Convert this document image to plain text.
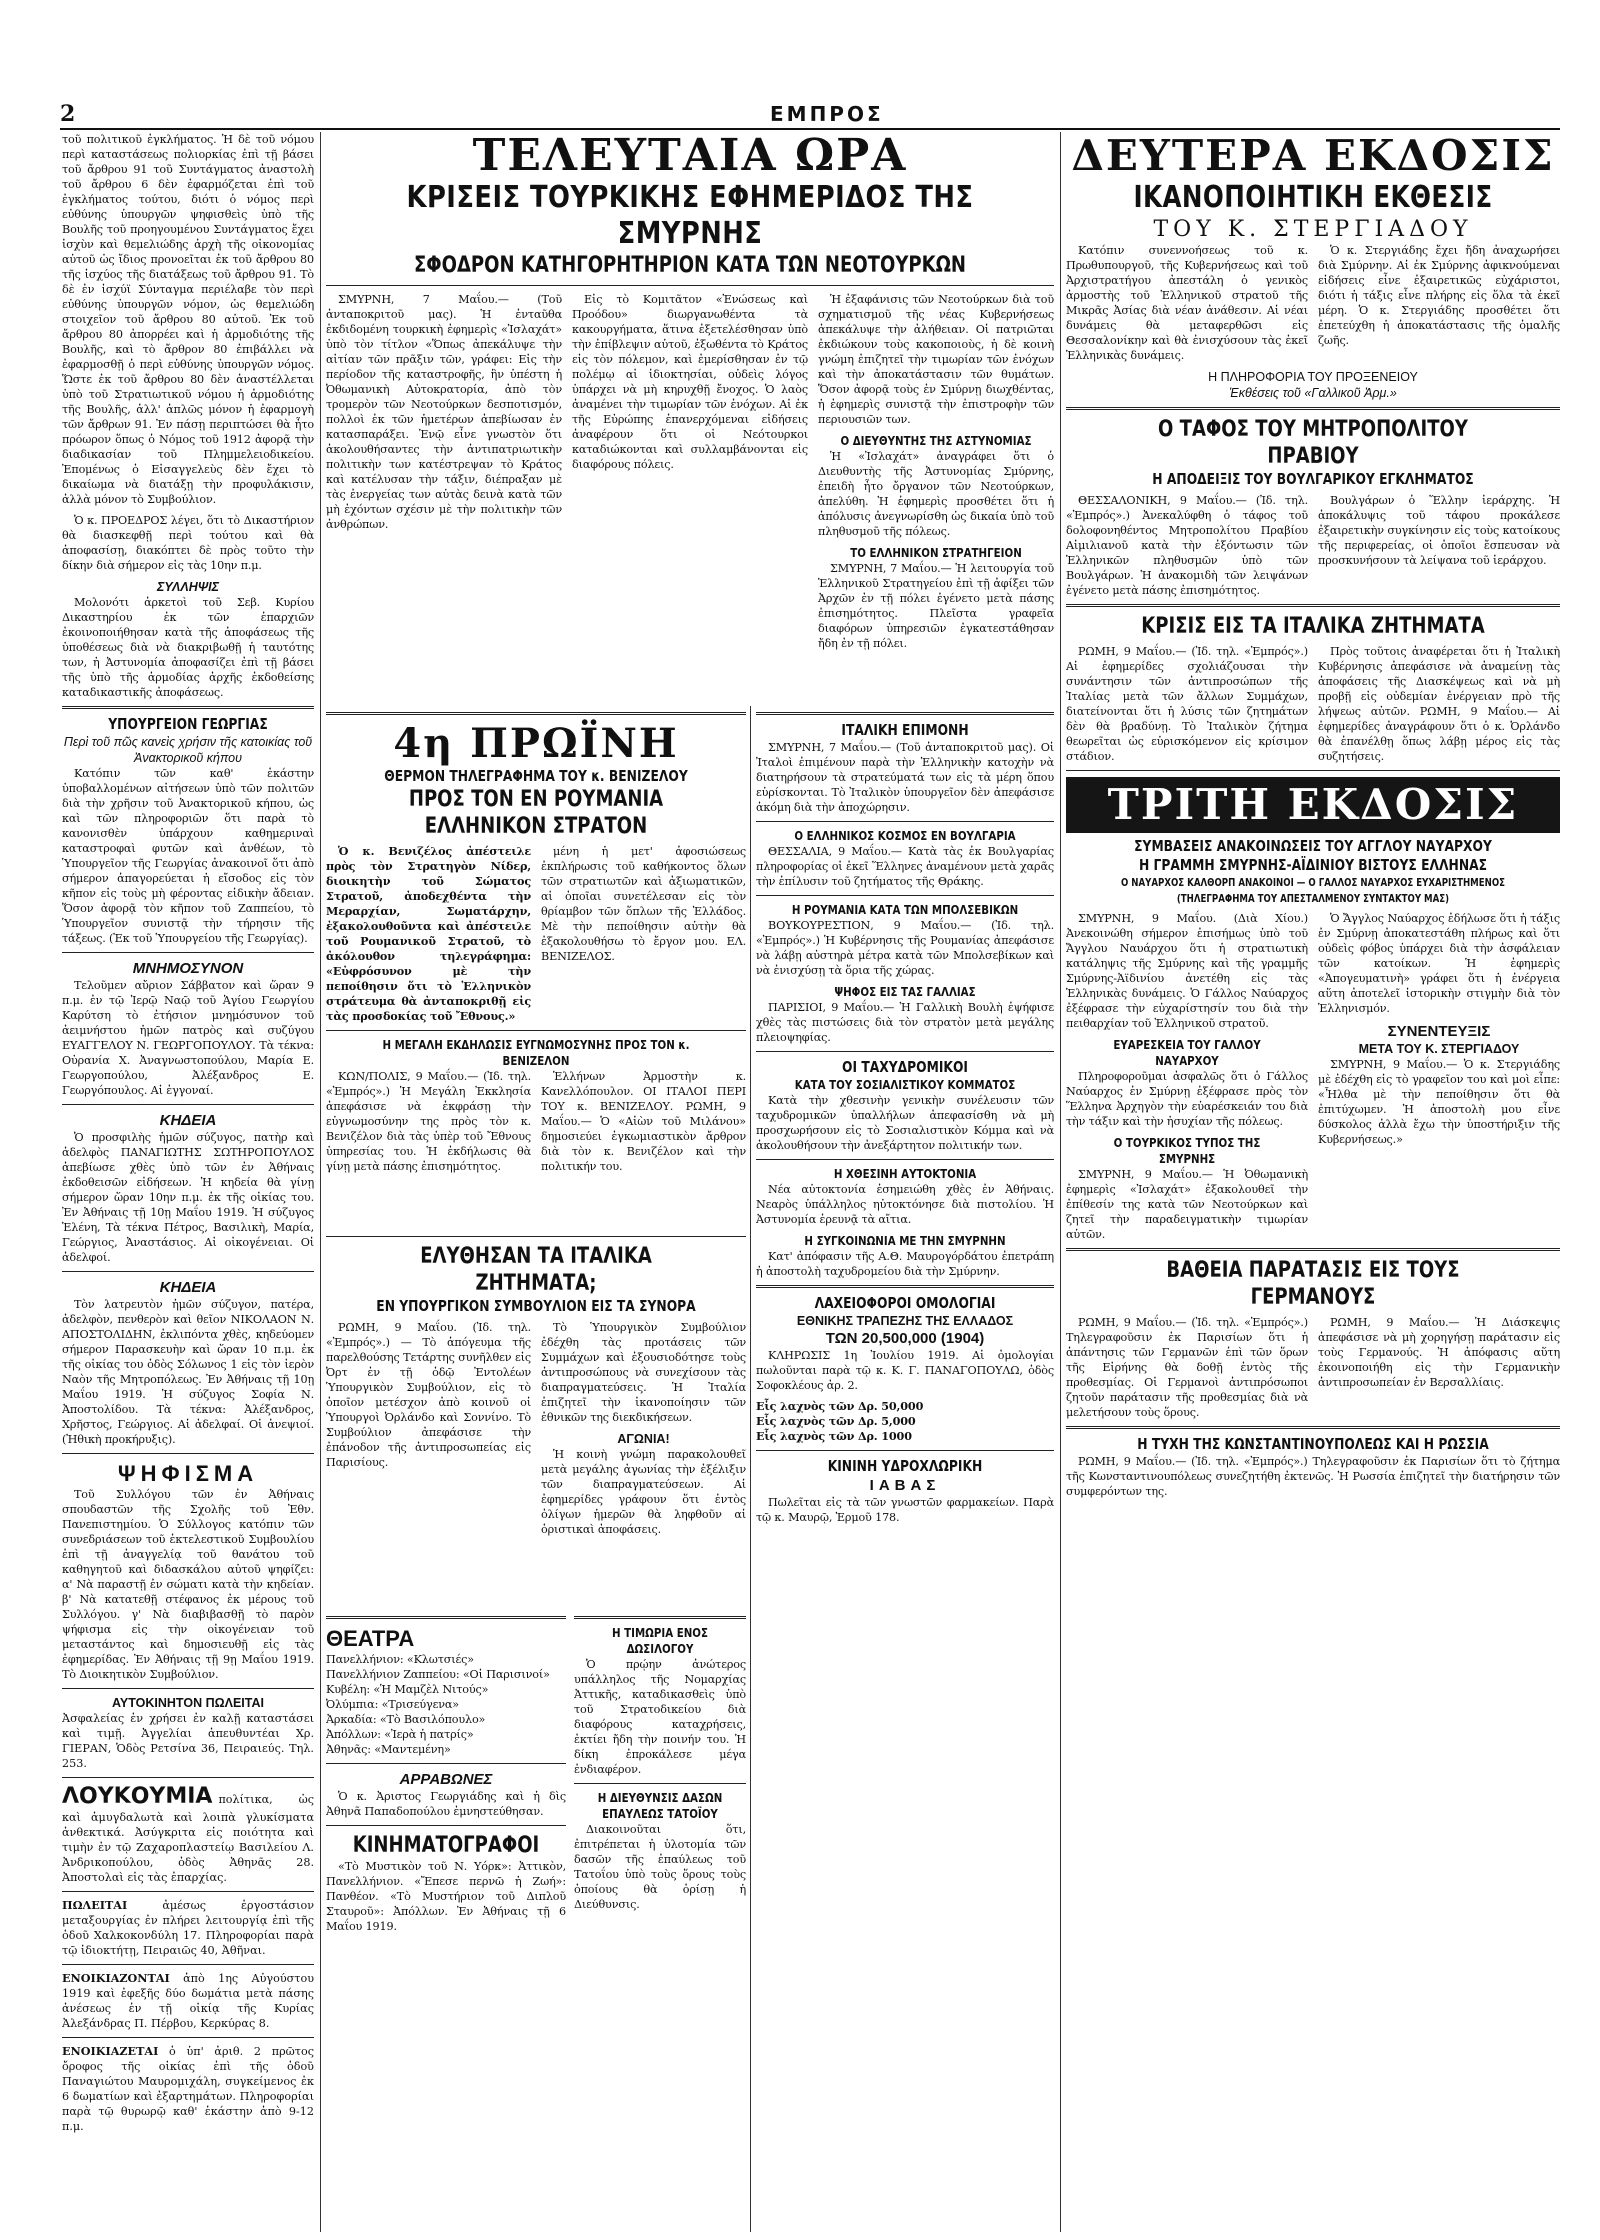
2	ΕΜΠΡΟΣ
τοῦ πολιτικοῦ ἐγκλήματος. Ἡ δὲ τοῦ νόμου περὶ καταστάσεως πολιορκίας ἐπὶ τῇ βάσει τοῦ ἄρθρου 91 τοῦ Συντάγματος ἀναστολὴ τοῦ ἄρθρου 6 δὲν ἐφαρμόζεται ἐπὶ τοῦ ἐγκλήματος τούτου, διότι ὁ νόμος περὶ εὐθύνης ὑπουργῶν ψηφισθεὶς ὑπὸ τῆς Βουλῆς τοῦ προηγουμένου Συντάγματος ἔχει ἰσχὺν καὶ θεμελιώδης ἀρχὴ τῆς οἰκονομίας αὐτοῦ ὡς ἴδιος προνοεῖται ἐκ τοῦ ἄρθρου 80 τῆς ἰσχύος τῆς διατάξεως τοῦ ἄρθρου 91. Τὸ δὲ ἐν ἰσχύϊ Σύνταγμα περιέλαβε τὸν περὶ εὐθύνης ὑπουργῶν νόμον, ὡς θεμελιώδη στοιχεῖον τοῦ ἄρθρου 80 αὐτοῦ. Ἐκ τοῦ ἄρθρου 80 ἀπορρέει καὶ ἡ ἀρμοδιότης τῆς Βουλῆς, καὶ τὸ ἄρθρον 80 ἐπιβάλλει νὰ ἐφαρμοσθῇ ὁ περὶ εὐθύνης ὑπουργῶν νόμος. Ὥστε ἐκ τοῦ ἄρθρου 80 δὲν ἀναστέλλεται ὑπὸ τοῦ Στρατιωτικοῦ νόμου ἡ ἀρμοδιότης τῆς Βουλῆς, ἀλλ' ἁπλῶς μόνον ἡ ἐφαρμογὴ τῶν ἄρθρων 91. Ἐν πάσῃ περιπτώσει θὰ ἦτο πρόωρον ὅπως ὁ Νόμος τοῦ 1912 ἀφορᾷ τὴν διαδικασίαν τοῦ Πλημμελειοδικείου. Ἐπομένως ὁ Εἰσαγγελεὺς δὲν ἔχει τὸ δικαίωμα νὰ διατάξῃ τὴν προφυλάκισιν, ἀλλὰ μόνον τὸ Συμβούλιον.
Ὁ κ. ΠΡΟΕΔΡΟΣ λέγει, ὅτι τὸ Δικαστήριον θὰ διασκεφθῇ περὶ τούτου καὶ θὰ ἀποφασίσῃ, διακόπτει δὲ πρὸς τοῦτο τὴν δίκην διὰ σήμερον εἰς τὰς 10ην π.μ.
ΣΥΛΛΗΨΙΣ
Μολονότι ἀρκετοὶ τοῦ Σεβ. Κυρίου Δικαστηρίου ἐκ τῶν ἐπαρχιῶν ἐκοινοποιήθησαν κατὰ τῆς ἀποφάσεως τῆς ὑποθέσεως διὰ νὰ διακριβωθῇ ἡ ταυτότης των, ἡ Ἀστυνομία ἀποφασίζει ἐπὶ τῇ βάσει τῆς ὑπὸ τῆς ἀρμοδίας ἀρχῆς ἐκδοθείσης καταδικαστικῆς ἀποφάσεως.
ΥΠΟΥΡΓΕΙΟΝ ΓΕΩΡΓΙΑΣ
Περὶ τοῦ πῶς κανεὶς χρήσιν τῆς κατοικίας τοῦ Ἀνακτορικοῦ κήπου
Κατόπιν τῶν καθ' ἑκάστην ὑποβαλλομένων αἰτήσεων ὑπὸ τῶν πολιτῶν διὰ τὴν χρῆσιν τοῦ Ἀνακτορικοῦ κήπου, ὡς καὶ τῶν πληροφοριῶν ὅτι παρὰ τὸ κανονισθὲν ὑπάρχουν καθημεριναὶ καταστροφαὶ φυτῶν καὶ ἀνθέων, τὸ Ὑπουργεῖον τῆς Γεωργίας ἀνακοινοῖ ὅτι ἀπὸ σήμερον ἀπαγορεύεται ἡ εἴσοδος εἰς τὸν κῆπον εἰς τοὺς μὴ φέροντας εἰδικὴν ἄδειαν. Ὅσον ἀφορᾷ τὸν κῆπον τοῦ Ζαππείου, τὸ Ὑπουργεῖον συνιστᾷ τὴν τήρησιν τῆς τάξεως. (Ἐκ τοῦ Ὑπουργείου τῆς Γεωργίας).
ΜΝΗΜΟΣΥΝΟΝ
Τελοῦμεν αὔριον Σάββατον καὶ ὥραν 9 π.μ. ἐν τῷ Ἱερῷ Ναῷ τοῦ Ἁγίου Γεωργίου Καρύτση τὸ ἐτήσιον μνημόσυνον τοῦ ἀειμνήστου ἡμῶν πατρὸς καὶ συζύγου ΕΥΑΓΓΕΛΟΥ Ν. ΓΕΩΡΓΟΠΟΥΛΟΥ. Τὰ τέκνα: Οὐρανία Χ. Ἀναγνωστοπούλου, Μαρία Ε. Γεωργοπούλου, Ἀλέξανδρος Ε. Γεωργόπουλος. Αἱ ἐγγοναί.
ΚΗΔΕΙΑ
Ὁ προσφιλὴς ἡμῶν σύζυγος, πατὴρ καὶ ἀδελφὸς ΠΑΝΑΓΙΩΤΗΣ ΣΩΤΗΡΟΠΟΥΛΟΣ ἀπεβίωσε χθὲς ὑπὸ τῶν ἐν Ἀθήναις ἐκδοθεισῶν εἰδήσεων. Ἡ κηδεία θὰ γίνῃ σήμερον ὥραν 10ην π.μ. ἐκ τῆς οἰκίας του. Ἐν Ἀθήναις τῇ 10ῃ Μαΐου 1919. Ἡ σύζυγος Ἑλένη, Τὰ τέκνα Πέτρος, Βασιλικὴ, Μαρία, Γεώργιος, Ἀναστάσιος. Αἱ οἰκογένειαι. Οἱ ἀδελφοί.
ΚΗΔΕΙΑ
Τὸν λατρευτὸν ἡμῶν σύζυγον, πατέρα, ἀδελφὸν, πενθερὸν καὶ θεῖον ΝΙΚΟΛΑΟΝ Ν. ΑΠΟΣΤΟΛΙΔΗΝ, ἐκλιπόντα χθὲς, κηδεύομεν σήμερον Παρασκευὴν καὶ ὥραν 10 π.μ. ἐκ τῆς οἰκίας του ὁδὸς Σόλωνος 1 εἰς τὸν ἱερὸν Ναὸν τῆς Μητροπόλεως. Ἐν Ἀθήναις τῇ 10ῃ Μαΐου 1919. Ἡ σύζυγος Σοφία Ν. Ἀποστολίδου. Τὰ τέκνα: Ἀλέξανδρος, Χρῆστος, Γεώργιος. Αἱ ἀδελφαί. Οἱ ἀνεψιοί. (Ἠθικὴ προκήρυξις).
ΨΗΦΙΣΜΑ
Τοῦ Συλλόγου τῶν ἐν Ἀθήναις σπουδαστῶν τῆς Σχολῆς τοῦ Ἐθν. Πανεπιστημίου. Ὁ Σύλλογος κατόπιν τῶν συνεδριάσεων τοῦ ἐκτελεστικοῦ Συμβουλίου ἐπὶ τῇ ἀναγγελίᾳ τοῦ θανάτου τοῦ καθηγητοῦ καὶ διδασκάλου αὐτοῦ ψηφίζει: α' Νὰ παραστῇ ἐν σώματι κατὰ τὴν κηδείαν. β' Νὰ κατατεθῇ στέφανος ἐκ μέρους τοῦ Συλλόγου. γ' Νὰ διαβιβασθῇ τὸ παρὸν ψήφισμα εἰς τὴν οἰκογένειαν τοῦ μεταστάντος καὶ δημοσιευθῇ εἰς τὰς ἐφημερίδας. Ἐν Ἀθήναις τῇ 9ῃ Μαΐου 1919. Τὸ Διοικητικὸν Συμβούλιον.
ΑΥΤΟΚΙΝΗΤΟΝ ΠΩΛΕΙΤΑΙ
Ἀσφαλείας ἐν χρήσει ἐν καλῇ καταστάσει καὶ τιμῇ. Ἀγγελίαι ἀπευθυντέαι Χρ. ΓΙΕΡΑΝ, Ὁδὸς Ρετσίνα 36, Πειραιεύς. Τηλ. 253.
ΛΟΥΚΟΥΜΙΑ πολίτικα, ὡς καὶ ἀμυγδαλωτὰ καὶ λοιπὰ γλυκίσματα ἀνθεκτικά. Ἀσύγκριτα εἰς ποιότητα καὶ τιμὴν ἐν τῷ Ζαχαροπλαστείῳ Βασιλείου Λ. Ἀνδρικοπούλου, ὁδὸς Ἀθηνᾶς 28. Ἀποστολαὶ εἰς τὰς ἐπαρχίας.
ΠΩΛΕΙΤΑΙ	ἀμέσως ἐργοστάσιον μεταξουργίας ἐν πλήρει λειτουργίᾳ ἐπὶ τῆς ὁδοῦ Χαλκοκονδύλη 17. Πληροφορίαι παρὰ τῷ ἰδιοκτήτῃ, Πειραιῶς 40, Ἀθῆναι.
ΕΝΟΙΚΙΑΖΟΝΤΑΙ ἀπὸ 1ης Αὐγούστου 1919 καὶ ἐφεξῆς δύο δωμάτια μετὰ πάσης ἀνέσεως ἐν τῇ οἰκίᾳ τῆς Κυρίας Ἀλεξάνδρας Π. Πέρβου, Κερκύρας 8.
ΕΝΟΙΚΙΑΖΕΤΑΙ ὁ ὑπ' ἀριθ. 2 πρῶτος ὄροφος τῆς οἰκίας ἐπὶ τῆς ὁδοῦ Παναγιώτου Μαυρομιχάλη, συγκείμενος ἐκ 6 δωματίων καὶ ἐξαρτημάτων. Πληροφορίαι παρὰ τῷ θυρωρῷ καθ' ἑκάστην ἀπὸ 9-12 π.μ.
ΤΕΛΕΥΤΑΙΑ ΩΡΑ
ΚΡΙΣΕΙΣ ΤΟΥΡΚΙΚΗΣ ΕΦΗΜΕΡΙΔΟΣ ΤΗΣ ΣΜΥΡΝΗΣ
ΣΦΟΔΡΟΝ ΚΑΤΗΓΟΡΗΤΗΡΙΟΝ ΚΑΤΑ ΤΩΝ ΝΕΟΤΟΥΡΚΩΝ
ΣΜΥΡΝΗ, 7 Μαΐου.— (Τοῦ ἀνταποκριτοῦ μας). Ἡ ἐνταῦθα ἐκδιδομένη τουρκικὴ ἐφημερὶς «Ἰσλαχάτ» ὑπὸ τὸν τίτλον «Ὅπως ἀπεκάλυψε τὴν αἰτίαν τῶν πρᾶξιν τῶν, γράφει: Εἰς τὴν περίοδον τῆς καταστροφῆς, ἣν ὑπέστη ἡ Ὀθωμανικὴ Αὐτοκρατορία, ἀπὸ τὸν τρομερὸν τῶν Νεοτούρκων δεσποτισμόν, πολλοὶ ἐκ τῶν ἡμετέρων ἀπεβίωσαν ἐν κατασπαράξει. Ἐνῷ εἶνε γνωστὸν ὅτι ἀκολουθήσαντες τὴν ἀντιπατριωτικὴν πολιτικὴν των κατέστρεψαν τὸ Κράτος καὶ κατέλυσαν τὴν τάξιν, διέπραξαν μὲ τὰς ἐνεργείας των αὐτὰς δεινὰ κατὰ τῶν μὴ ἐχόντων σχέσιν μὲ τὴν πολιτικὴν τῶν ἀνθρώπων.
Εἰς τὸ Κομιτᾶτον «Ἑνώσεως καὶ Προόδου» διωργανωθέντα τὰ κακουργήματα, ἅτινα ἐξετελέσθησαν ὑπὸ τὴν ἐπίβλεψιν αὐτοῦ, ἐξωθέντα τὸ Κράτος εἰς τὸν πόλεμον, καὶ ἐμερίσθησαν ἐν τῷ πολέμῳ αἱ ἰδιοκτησίαι, οὐδεὶς λόγος ὑπάρχει νὰ μὴ κηρυχθῇ ἔνοχος. Ὁ λαὸς ἀναμένει τὴν τιμωρίαν τῶν ἐνόχων. Αἱ ἐκ τῆς Εὐρώπης ἐπανερχόμεναι εἰδήσεις ἀναφέρουν ὅτι οἱ Νεότουρκοι καταδιώκονται καὶ συλλαμβάνονται εἰς διαφόρους πόλεις.
Ἡ ἐξαφάνισις τῶν Νεοτούρκων διὰ τοῦ σχηματισμοῦ τῆς νέας Κυβερνήσεως ἀπεκάλυψε τὴν ἀλήθειαν. Οἱ πατριῶται ἐκδιώκουν τοὺς κακοποιοὺς, ἡ δὲ κοινὴ γνώμη ἐπιζητεῖ τὴν τιμωρίαν τῶν ἐνόχων καὶ τὴν ἀποκατάστασιν τῶν θυμάτων. Ὅσον ἀφορᾷ τοὺς ἐν Σμύρνῃ διωχθέντας, ἡ ἐφημερὶς συνιστᾷ τὴν ἐπιστροφὴν τῶν περιουσιῶν των.
Ο ΔΙΕΥΘΥΝΤΗΣ ΤΗΣ ΑΣΤΥΝΟΜΙΑΣ
Ἡ «Ἰσλαχάτ» ἀναγράφει ὅτι ὁ Διευθυντὴς τῆς Ἀστυνομίας Σμύρνης, ἐπειδὴ ἦτο ὄργανον τῶν Νεοτούρκων, ἀπελύθη. Ἡ ἐφημερὶς προσθέτει ὅτι ἡ ἀπόλυσις ἀνεγνωρίσθη ὡς δικαία ὑπὸ τοῦ πληθυσμοῦ τῆς πόλεως.
ΤΟ ΕΛΛΗΝΙΚΟΝ ΣΤΡΑΤΗΓΕΙΟΝ
ΣΜΥΡΝΗ, 7 Μαΐου.— Ἡ λειτουργία τοῦ Ἑλληνικοῦ Στρατηγείου ἐπὶ τῇ ἀφίξει τῶν Ἀρχῶν ἐν τῇ πόλει ἐγένετο μετὰ πάσης ἐπισημότητος. Πλεῖστα γραφεῖα διαφόρων ὑπηρεσιῶν ἐγκατεστάθησαν ἤδη ἐν τῇ πόλει.
4η ΠΡΩΪΝΗ
ΘΕΡΜΟΝ ΤΗΛΕΓΡΑΦΗΜΑ ΤΟΥ κ. ΒΕΝΙΖΕΛΟΥ
ΠΡΟΣ ΤΟΝ ΕΝ ΡΟΥΜΑΝΙΑ ΕΛΛΗΝΙΚΟΝ ΣΤΡΑΤΟΝ
Ὁ κ. Βενιζέλος ἀπέστειλε πρὸς τὸν Στρατηγὸν Νίδερ, διοικητὴν τοῦ Σώματος Στρατοῦ, ἀποδεχθέντα τὴν Μεραρχίαν, Σωματάρχην, ἐξακολουθοῦντα καὶ ἀπέστειλε τοῦ Ρουμανικοῦ Στρατοῦ, τὸ ἀκόλουθον τηλεγράφημα: «Εὐφρόσυνον μὲ τὴν πεποίθησιν ὅτι τὸ Ἑλληνικὸν στράτευμα θὰ ἀνταποκριθῇ εἰς τὰς προσδοκίας τοῦ Ἔθνους.»
μένη ἡ μετ' ἀφοσιώσεως ἐκπλήρωσις τοῦ καθήκοντος ὅλων τῶν στρατιωτῶν καὶ ἀξιωματικῶν, αἱ ὁποῖαι συνετέλεσαν εἰς τὸν θρίαμβον τῶν ὅπλων τῆς Ἑλλάδος. Μὲ τὴν πεποίθησιν αὐτὴν θὰ ἐξακολουθήσω τὸ ἔργον μου. ΕΛ. ΒΕΝΙΖΕΛΟΣ.
Η ΜΕΓΑΛΗ ΕΚΔΗΛΩΣΙΣ ΕΥΓΝΩΜΟΣΥΝΗΣ ΠΡΟΣ ΤΟΝ κ. ΒΕΝΙΖΕΛΟΝ
ΚΩΝ/ΠΟΛΙΣ, 9 Μαΐου.— (Ἰδ. τηλ. «Ἐμπρός».) Ἡ Μεγάλη Ἐκκλησία ἀπεφάσισε νὰ ἐκφράσῃ τὴν εὐγνωμοσύνην της πρὸς τὸν κ. Βενιζέλον διὰ τὰς ὑπὲρ τοῦ Ἔθνους ὑπηρεσίας του. Ἡ ἐκδήλωσις θὰ γίνῃ μετὰ πάσης ἐπισημότητος.
Ἑλλήνων Ἀρμοστὴν κ. Κανελλόπουλον. ΟΙ ΙΤΑΛΟΙ ΠΕΡΙ ΤΟΥ κ. ΒΕΝΙΖΕΛΟΥ. ΡΩΜΗ, 9 Μαΐου.— Ὁ «Αἰὼν τοῦ Μιλάνου» δημοσιεύει ἐγκωμιαστικὸν ἄρθρον διὰ τὸν κ. Βενιζέλον καὶ τὴν πολιτικήν του.
ΕΛΥΘΗΣΑΝ ΤΑ ΙΤΑΛΙΚΑ ΖΗΤΗΜΑΤΑ;
ΕΝ ΥΠΟΥΡΓΙΚΟΝ ΣΥΜΒΟΥΛΙΟΝ ΕΙΣ ΤΑ ΣΥΝΟΡΑ
ΡΩΜΗ, 9 Μαΐου. (Ἰδ. τηλ. «Ἐμπρός».) — Τὸ ἀπόγευμα τῆς παρελθούσης Τετάρτης συνῆλθεν εἰς Ὀρτ ἐν τῇ ὁδῷ Ἐντολέων Ὑπουργικὸν Συμβούλιον, εἰς τὸ ὁποῖον μετέσχον ἀπὸ κοινοῦ οἱ Ὑπουργοὶ Ὀρλάνδο καὶ Σοννίνο. Τὸ Συμβούλιον ἀπεφάσισε τὴν ἐπάνοδον τῆς ἀντιπροσωπείας εἰς Παρισίους.
Τὸ Ὑπουργικὸν Συμβούλιον ἐδέχθη τὰς προτάσεις τῶν Συμμάχων καὶ ἐξουσιοδότησε τοὺς ἀντιπροσώπους νὰ συνεχίσουν τὰς διαπραγματεύσεις. Ἡ Ἰταλία ἐπιζητεῖ τὴν ἱκανοποίησιν τῶν ἐθνικῶν της διεκδικήσεων.
ΑΓΩΝΙΑ!
Ἡ κοινὴ γνώμη παρακολουθεῖ μετὰ μεγάλης ἀγωνίας τὴν ἐξέλιξιν τῶν διαπραγματεύσεων. Αἱ ἐφημερίδες γράφουν ὅτι ἐντὸς ὀλίγων ἡμερῶν θὰ ληφθοῦν αἱ ὁριστικαὶ ἀποφάσεις.
ΘΕΑΤΡΑ
Πανελλήνιον: «Κλωτσιές»
Πανελλήνιον Ζαππείου: «Οἱ Παρισινοί»
Κυβέλη: «Ἡ Μαμζὲλ Νιτούς»
Ὀλύμπια: «Τρισεύγενα»
Ἀρκαδία: «Τὸ Βασιλόπουλο»
Ἀπόλλων: «Ἰερὰ ἡ πατρίς»
Ἀθηνᾶς: «Μαντεμένη»
ΑΡΡΑΒΩΝΕΣ
Ὁ κ. Ἀριστος Γεωργιάδης καὶ ἡ δὶς Ἀθηνᾶ Παπαδοπούλου ἐμνηστεύθησαν.
ΚΙΝΗΜΑΤΟΓΡΑΦΟΙ
«Τὸ Μυστικὸν τοῦ Ν. Υόρκ»: Ἀττικὸν, Πανελλήνιον. «Ἔπεσε περνῶ ἡ Ζωή»: Πανθέον. «Τὸ Μυστήριον τοῦ Διπλοῦ Σταυροῦ»: Ἀπόλλων. Ἐν Ἀθήναις τῇ 6 Μαΐου 1919.
Η ΤΙΜΩΡΙΑ ΕΝΟΣ ΔΩΣΙΛΟΓΟΥ
Ὁ πρῴην ἀνώτερος υπάλληλος τῆς Νομαρχίας Ἀττικῆς, καταδικασθεὶς ὑπὸ τοῦ Στρατοδικείου διὰ διαφόρους καταχρήσεις, ἐκτίει ἤδη τὴν ποινήν του. Ἡ δίκη ἐπροκάλεσε μέγα ἐνδιαφέρον.
Η ΔΙΕΥΘΥΝΣΙΣ ΔΑΣΩΝ ΕΠΑΥΛΕΩΣ ΤΑΤΟΪΟΥ
Διακοινοῦται ὅτι, ἐπιτρέπεται ἡ ὑλοτομία τῶν δασῶν τῆς ἐπαύλεως τοῦ Τατοΐου ὑπὸ τοὺς ὅρους τοὺς ὁποίους θὰ ὁρίσῃ ἡ Διεύθυνσις.
ΙΤΑΛΙΚΗ ΕΠΙΜΟΝΗ
ΣΜΥΡΝΗ, 7 Μαΐου.— (Τοῦ ἀνταποκριτοῦ μας). Οἱ Ἰταλοὶ ἐπιμένουν παρὰ τὴν Ἑλληνικὴν κατοχὴν νὰ διατηρήσουν τὰ στρατεύματά των εἰς τὰ μέρη ὅπου εὑρίσκονται. Τὸ Ἰταλικὸν ὑπουργεῖον δὲν ἀπεφάσισε ἀκόμη διὰ τὴν ἀποχώρησιν.
Ο ΕΛΛΗΝΙΚΟΣ ΚΟΣΜΟΣ ΕΝ ΒΟΥΛΓΑΡΙΑ
ΘΕΣΣΑΛΙΑ, 9 Μαΐου.— Κατὰ τὰς ἐκ Βουλγαρίας πληροφορίας οἱ ἐκεῖ Ἕλληνες ἀναμένουν μετὰ χαρᾶς τὴν ἐπίλυσιν τοῦ ζητήματος τῆς Θράκης.
Η ΡΟΥΜΑΝΙΑ ΚΑΤΑ ΤΩΝ ΜΠΟΛΣΕΒΙΚΩΝ
ΒΟΥΚΟΥΡΕΣΤΙΟΝ, 9 Μαΐου.— (Ἰδ. τηλ. «Ἐμπρός».) Ἡ Κυβέρνησις τῆς Ρουμανίας ἀπεφάσισε νὰ λάβῃ αὐστηρὰ μέτρα κατὰ τῶν Μπολσεβίκων καὶ νὰ ἐνισχύσῃ τὰ ὅρια τῆς χώρας.
ΨΗΦΟΣ ΕΙΣ ΤΑΣ ΓΑΛΛΙΑΣ
ΠΑΡΙΣΙΟΙ, 9 Μαΐου.— Ἡ Γαλλικὴ Βουλὴ ἐψήφισε χθὲς τὰς πιστώσεις διὰ τὸν στρατὸν μετὰ μεγάλης πλειοψηφίας.
ΟΙ ΤΑΧΥΔΡΟΜΙΚΟΙ
ΚΑΤΑ ΤΟΥ ΣΟΣΙΑΛΙΣΤΙΚΟΥ ΚΟΜΜΑΤΟΣ
Κατὰ τὴν χθεσινὴν γενικὴν συνέλευσιν τῶν ταχυδρομικῶν ὑπαλλήλων ἀπεφασίσθη νὰ μὴ προσχωρήσουν εἰς τὸ Σοσιαλιστικὸν Κόμμα καὶ νὰ ἀκολουθήσουν τὴν ἀνεξάρτητον πολιτικήν των.
Η ΧΘΕΣΙΝΗ ΑΥΤΟΚΤΟΝΙΑ
Νέα αὐτοκτονία ἐσημειώθη χθὲς ἐν Ἀθήναις. Νεαρὸς ὑπάλληλος ηὐτοκτόνησε διὰ πιστολίου. Ἡ Ἀστυνομία ἐρευνᾷ τὰ αἴτια.
Η ΣΥΓΚΟΙΝΩΝΙΑ ΜΕ ΤΗΝ ΣΜΥΡΝΗΝ
Κατ' ἀπόφασιν τῆς Α.Θ. Μαυρογόρδάτου ἐπετράπη ἡ ἀποστολὴ ταχυδρομείου διὰ τὴν Σμύρνην.
ΛΑΧΕΙΟΦΟΡΟΙ ΟΜΟΛΟΓΙΑΙ
ΕΘΝΙΚΗΣ ΤΡΑΠΕΖΗΣ ΤΗΣ ΕΛΛΑΔΟΣ
ΤΩΝ 20,500,000 (1904)
ΚΛΗΡΩΣΙΣ 1η Ἰουλίου 1919. Αἱ ὁμολογίαι πωλοῦνται παρὰ τῷ κ. Κ. Γ. ΠΑΝΑΓΟΠΟΥΛΩ, ὁδὸς Σοφοκλέους ἀρ. 2.
Εἷς λαχνὸς τῶν Δρ. 50,000
Εἷς λαχνὸς τῶν Δρ. 5,000
Εἷς λαχνὸς τῶν Δρ. 1000
ΚΙΝΙΝΗ ΥΔΡΟΧΛΩΡΙΚΗ
ΙΑΒΑΣ
Πωλεῖται εἰς τὰ τῶν γνωστῶν φαρμακείων. Παρὰ τῷ κ. Μαυρῷ, Ἑρμοῦ 178.
ΔΕΥΤΕΡΑ ΕΚΔΟΣΙΣ
ΙΚΑΝΟΠΟΙΗΤΙΚΗ ΕΚΘΕΣΙΣ
ΤΟΥ Κ. ΣΤΕΡΓΙΑΔΟΥ
Κατόπιν συνεννοήσεως τοῦ κ. Πρωθυπουργοῦ, τῆς Κυβερνήσεως καὶ τοῦ Ἀρχιστρατήγου ἀπεστάλη ὁ γενικὸς ἀρμοστὴς τοῦ Ἑλληνικοῦ στρατοῦ τῆς Μικρᾶς Ἀσίας διὰ νέαν ἀνάθεσιν. Αἱ νέαι δυνάμεις θὰ μεταφερθῶσι εἰς Θεσσαλονίκην καὶ θὰ ἐνισχύσουν τὰς ἐκεῖ Ἑλληνικὰς δυνάμεις.
Ὁ κ. Στεργιάδης ἔχει ἤδη ἀναχωρήσει διὰ Σμύρνην. Αἱ ἐκ Σμύρνης ἀφικνούμεναι εἰδήσεις εἶνε ἐξαιρετικῶς εὐχάριστοι, διότι ἡ τάξις εἶνε πλήρης εἰς ὅλα τὰ ἐκεῖ μέρη. Ὁ κ. Στεργιάδης προσθέτει ὅτι ἐπετεύχθη ἡ ἀποκατάστασις τῆς ὁμαλῆς ζωῆς.
Η ΠΛΗΡΟΦΟΡΙΑ ΤΟΥ ΠΡΟΞΕΝΕΙΟΥ
Ἐκθέσεις τοῦ «Γαλλικοῦ Ἀρμ.»
Ο ΤΑΦΟΣ ΤΟΥ ΜΗΤΡΟΠΟΛΙΤΟΥ ΠΡΑΒΙΟΥ
Η ΑΠΟΔΕΙΞΙΣ ΤΟΥ ΒΟΥΛΓΑΡΙΚΟΥ ΕΓΚΛΗΜΑΤΟΣ
ΘΕΣΣΑΛΟΝΙΚΗ, 9 Μαΐου.— (Ἰδ. τηλ. «Ἐμπρός».) Ἀνεκαλύφθη ὁ τάφος τοῦ δολοφονηθέντος Μητροπολίτου Πραβίου Αἰμιλιανοῦ κατὰ τὴν ἐξόντωσιν τῶν Ἑλληνικῶν πληθυσμῶν ὑπὸ τῶν Βουλγάρων. Ἡ ἀνακομιδὴ τῶν λειψάνων ἐγένετο μετὰ πάσης ἐπισημότητος.
Βουλγάρων ὁ Ἕλλην ἱεράρχης. Ἡ ἀποκάλυψις τοῦ τάφου προκάλεσε ἐξαιρετικὴν συγκίνησιν εἰς τοὺς κατοίκους τῆς περιφερείας, οἱ ὁποῖοι ἔσπευσαν νὰ προσκυνήσουν τὰ λείψανα τοῦ ἱεράρχου.
ΚΡΙΣΙΣ ΕΙΣ ΤΑ ΙΤΑΛΙΚΑ ΖΗΤΗΜΑΤΑ
ΡΩΜΗ, 9 Μαΐου.— (Ἰδ. τηλ. «Ἐμπρός».) Αἱ ἐφημερίδες σχολιάζουσαι τὴν συνάντησιν τῶν ἀντιπροσώπων τῆς Ἰταλίας μετὰ τῶν ἄλλων Συμμάχων, διατείνονται ὅτι ἡ λύσις τῶν ζητημάτων δὲν θὰ βραδύνῃ. Τὸ Ἰταλικὸν ζήτημα θεωρεῖται ὡς εὑρισκόμενον εἰς κρίσιμον στάδιον.
Πρὸς τοῦτοις ἀναφέρεται ὅτι ἡ Ἰταλικὴ Κυβέρνησις ἀπεφάσισε νὰ ἀναμείνῃ τὰς ἀποφάσεις τῆς Διασκέψεως καὶ νὰ μὴ προβῇ εἰς οὐδεμίαν ἐνέργειαν πρὸ τῆς λήψεως αὐτῶν. ΡΩΜΗ, 9 Μαΐου.— Αἱ ἐφημερίδες ἀναγράφουν ὅτι ὁ κ. Ὀρλάνδο θὰ ἐπανέλθῃ ὅπως λάβῃ μέρος εἰς τὰς συζητήσεις.
ΤΡΙΤΗ ΕΚΔΟΣΙΣ
ΣΥΜΒΑΣΕΙΣ ΑΝΑΚΟΙΝΩΣΕΙΣ ΤΟΥ ΑΓΓΛΟΥ ΝΑΥΑΡΧΟΥ
Η ΓΡΑΜΜΗ ΣΜΥΡΝΗΣ-ΑΪΔΙΝΙΟΥ ΒΙΣΤΟΥΣ ΕΛΛΗΝΑΣ
Ο ΝΑΥΑΡΧΟΣ ΚΑΛΘΟΡΠ ΑΝΑΚΟΙΝΟΙ — Ο ΓΑΛΛΟΣ ΝΑΥΑΡΧΟΣ ΕΥΧΑΡΙΣΤΗΜΕΝΟΣ
(ΤΗΛΕΓΡΑΦΗΜΑ ΤΟΥ ΑΠΕΣΤΑΛΜΕΝΟΥ ΣΥΝΤΑΚΤΟΥ ΜΑΣ)
ΣΜΥΡΝΗ, 9 Μαΐου. (Διὰ Χίου.) Ἀνεκοινώθη σήμερον ἐπισήμως ὑπὸ τοῦ Ἄγγλου Ναυάρχου ὅτι ἡ στρατιωτικὴ κατάληψις τῆς Σμύρνης καὶ τῆς γραμμῆς Σμύρνης-Ἀϊδινίου ἀνετέθη εἰς τὰς Ἑλληνικὰς δυνάμεις. Ὁ Γάλλος Ναύαρχος ἐξέφρασε τὴν εὐχαρίστησίν του διὰ τὴν πειθαρχίαν τοῦ Ἑλληνικοῦ στρατοῦ.
ΕΥΑΡΕΣΚΕΙΑ ΤΟΥ ΓΑΛΛΟΥ ΝΑΥΑΡΧΟΥ
Πληροφοροῦμαι ἀσφαλῶς ὅτι ὁ Γάλλος Ναύαρχος ἐν Σμύρνῃ ἐξέφρασε πρὸς τὸν Ἕλληνα Ἀρχηγὸν τὴν εὐαρέσκειάν του διὰ τὴν τάξιν καὶ τὴν ἡσυχίαν τῆς πόλεως.
Ο ΤΟΥΡΚΙΚΟΣ ΤΥΠΟΣ ΤΗΣ ΣΜΥΡΝΗΣ
ΣΜΥΡΝΗ, 9 Μαΐου.— Ἡ Ὀθωμανικὴ ἐφημερὶς «Ἰσλαχάτ» ἐξακολουθεῖ τὴν ἐπίθεσίν της κατὰ τῶν Νεοτούρκων καὶ ζητεῖ τὴν παραδειγματικὴν τιμωρίαν αὐτῶν.
Ὁ Ἄγγλος Ναύαρχος ἐδήλωσε ὅτι ἡ τάξις ἐν Σμύρνῃ ἀποκατεστάθη πλήρως καὶ ὅτι οὐδεὶς φόβος ὑπάρχει διὰ τὴν ἀσφάλειαν τῶν κατοίκων. Ἡ ἐφημερὶς «Ἀπογευματινὴ» γράφει ὅτι ἡ ἐνέργεια αὕτη ἀποτελεῖ ἱστορικὴν στιγμὴν διὰ τὸν Ἑλληνισμόν.
ΣΥΝΕΝΤΕΥΞΙΣ
ΜΕΤΑ ΤΟΥ Κ. ΣΤΕΡΓΙΑΔΟΥ
ΣΜΥΡΝΗ, 9 Μαΐου.— Ὁ κ. Στεργιάδης μὲ ἐδέχθη εἰς τὸ γραφεῖον του καὶ μοὶ εἶπε: «Ἦλθα μὲ τὴν πεποίθησιν ὅτι θὰ ἐπιτύχωμεν. Ἡ ἀποστολὴ μου εἶνε δύσκολος ἀλλὰ ἔχω τὴν ὑποστήριξιν τῆς Κυβερνήσεως.»
ΒΑΘΕΙΑ ΠΑΡΑΤΑΣΙΣ ΕΙΣ ΤΟΥΣ ΓΕΡΜΑΝΟΥΣ
ΡΩΜΗ, 9 Μαΐου.— (Ἰδ. τηλ. «Ἐμπρός».) Τηλεγραφοῦσιν ἐκ Παρισίων ὅτι ἡ ἀπάντησις τῶν Γερμανῶν ἐπὶ τῶν ὅρων τῆς Εἰρήνης θὰ δοθῇ ἐντὸς τῆς προθεσμίας. Οἱ Γερμανοὶ ἀντιπρόσωποι ζητοῦν παράτασιν τῆς προθεσμίας διὰ νὰ μελετήσουν τοὺς ὅρους.
ΡΩΜΗ, 9 Μαΐου.— Ἡ Διάσκεψις ἀπεφάσισε νὰ μὴ χορηγήσῃ παράτασιν εἰς τοὺς Γερμανούς. Ἡ ἀπόφασις αὕτη ἐκοινοποιήθη εἰς τὴν Γερμανικὴν ἀντιπροσωπείαν ἐν Βερσαλλίαις.
Η ΤΥΧΗ ΤΗΣ ΚΩΝΣΤΑΝΤΙΝΟΥΠΟΛΕΩΣ ΚΑΙ Η ΡΩΣΣΙΑ
ΡΩΜΗ, 9 Μαΐου.— (Ἰδ. τηλ. «Ἐμπρός».) Τηλεγραφοῦσιν ἐκ Παρισίων ὅτι τὸ ζήτημα τῆς Κωνσταντινουπόλεως συνεζητήθη ἐκτενῶς. Ἡ Ρωσσία ἐπιζητεῖ τὴν διατήρησιν τῶν συμφερόντων της.
